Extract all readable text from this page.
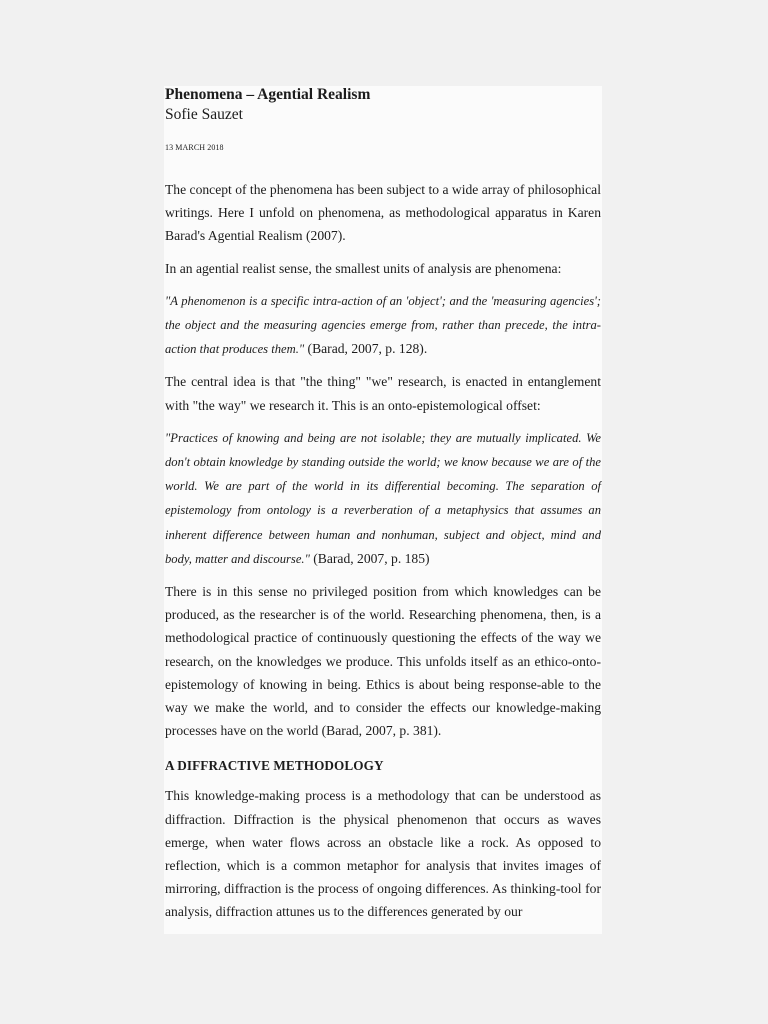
Phenomena – Agential Realism
Sofie Sauzet
13 MARCH 2018

The concept of the phenomena has been subject to a wide array of philosophical writings. Here I unfold on phenomena, as methodological apparatus in Karen Barad's Agential Realism (2007).

In an agential realist sense, the smallest units of analysis are phenomena:

"A phenomenon is a specific intra-action of an 'object'; and the 'measuring agencies'; the object and the measuring agencies emerge from, rather than precede, the intra-action that produces them." (Barad, 2007, p. 128).

The central idea is that "the thing" "we" research, is enacted in entanglement with "the way" we research it. This is an onto-epistemological offset:

"Practices of knowing and being are not isolable; they are mutually implicated. We don't obtain knowledge by standing outside the world; we know because we are of the world. We are part of the world in its differential becoming. The separation of epistemology from ontology is a reverberation of a metaphysics that assumes an inherent difference between human and nonhuman, subject and object, mind and body, matter and discourse." (Barad, 2007, p. 185)

There is in this sense no privileged position from which knowledges can be produced, as the researcher is of the world. Researching phenomena, then, is a methodological practice of continuously questioning the effects of the way we research, on the knowledges we produce. This unfolds itself as an ethico-onto-epistemology of knowing in being. Ethics is about being response-able to the way we make the world, and to consider the effects our knowledge-making processes have on the world (Barad, 2007, p. 381).

A DIFFRACTIVE METHODOLOGY

This knowledge-making process is a methodology that can be understood as diffraction. Diffraction is the physical phenomenon that occurs as waves emerge, when water flows across an obstacle like a rock. As opposed to reflection, which is a common metaphor for analysis that invites images of mirroring, diffraction is the process of ongoing differences. As thinking-tool for analysis, diffraction attunes us to the differences generated by our
